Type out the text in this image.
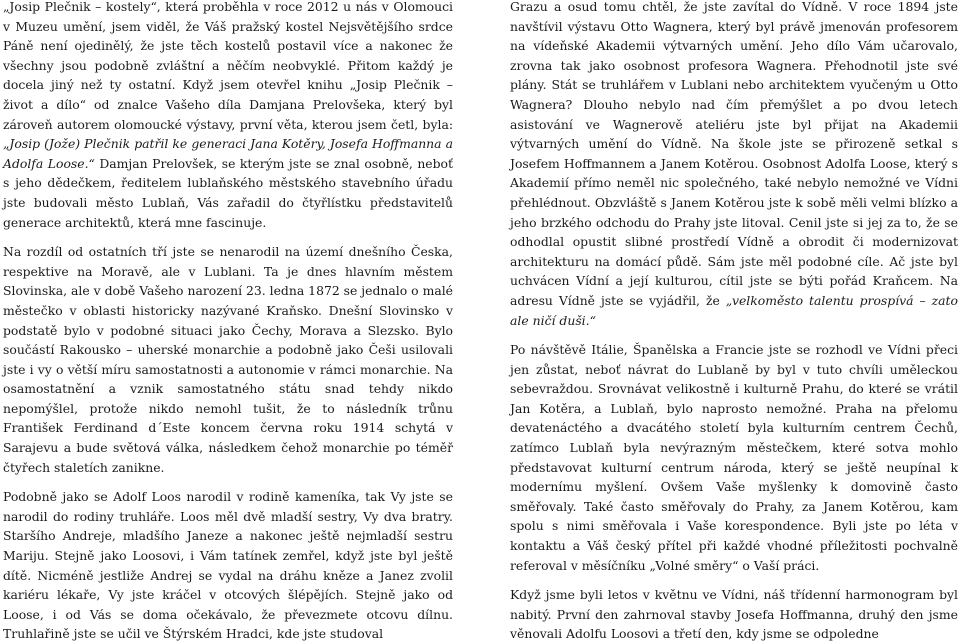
„Josip Plečnik – kostely“, která proběhla v roce 2012 u nás v Olomouci v Muzeu umění, jsem viděl, že Váš pražský kostel Nejsvětějšího srdce Páně není ojedinělý, že jste těch kostelů postavil více a nakonec že všechny jsou podobně zvláštní a něčím neobvyklé. Přitom každý je docela jiný než ty ostatní. Když jsem otevřel knihu „Josip Plečnik – život a dílo“ od znalce Vašeho díla Damjana Prelovšeka, který byl zároveň autorem olomoucké výstavy, první věta, kterou jsem četl, byla: „Josip (Jože) Plečnik patřil ke generaci Jana Kotěry, Josefa Hoffmanna a Adolfa Loose.“ Damjan Prelovšek, se kterým jste se znal osobně, neboť s jeho dědečkem, ředitelem lublaňského městského stavebního úřadu jste budovali město Lublaň, Vás zařadil do čtyřlístku představitelů generace architektů, která mne fascinuje.

Na rozdíl od ostatních tří jste se nenarodil na území dnešního Česka, respektive na Moravě, ale v Lublani. Ta je dnes hlavním městem Slovinska, ale v době Vašeho narození 23. ledna 1872 se jednalo o malé městečko v oblasti historicky nazývané Kraňsko. Dnešní Slovinsko v podstatě bylo v podobné situaci jako Čechy, Morava a Slezsko. Bylo součástí Rakousko – uherské monarchie a podobně jako Češi usilovali jste i vy o větší míru samostatnosti a autonomie v rámci monarchie. Na osamostatnění a vznik samostatného státu snad tehdy nikdo nepomýšlel, protože nikdo nemohl tušit, že to následník trůnu František Ferdinand d´Este koncem června roku 1914 schytá v Sarajevu a bude světová válka, následkem čehož monarchie po téměř čtyřech staletích zanikne.

Podobně jako se Adolf Loos narodil v rodině kameníka, tak Vy jste se narodil do rodiny truhláře. Loos měl dvě mladší sestry, Vy dva bratry. Staršího Andreje, mladšího Janeze a nakonec ještě nejmladší sestru Mariju. Stejně jako Loosovi, i Vám tatínek zemřel, když jste byl ještě dítě. Nicméně jestliže Andrej se vydal na dráhu kněze a Janez zvolil kariéru lékaře, Vy jste kráčel v otcových šlépějích. Stejně jako od Loose, i od Vás se doma očekávalo, že převezmete otcovu dílnu. Truhlařině jste se učil ve Štýrském Hradci, kde jste studoval

Grazu a osud tomu chtěl, že jste zavítal do Vídně. V roce 1894 jste navštívil výstavu Otto Wagnera, který byl právě jmenován profesorem na vídeňské Akademii výtvarných umění. Jeho dílo Vám učarovalo, zrovna tak jako osobnost profesora Wagnera. Přehodnotil jste své plány. Stát se truhlářem v Lublani nebo architektem vyučeným u Otto Wagnera? Dlouho nebylo nad čím přemýšlet a po dvou letech asistování ve Wagnerově ateliéru jste byl přijat na Akademii výtvarných umění do Vídně. Na škole jste se přirozeně setkal s Josefem Hoffmannem a Janem Kotěrou. Osobnost Adolfa Loose, který s Akademií přímo neměl nic společného, také nebylo nemožné ve Vídni přehlédnout. Obzvláště s Janem Kotěrou jste k sobě měli velmi blízko a jeho brzkého odchodu do Prahy jste litoval. Cenil jste si jej za to, že se odhodlal opustit slibné prostředí Vídně a obrodit či modernizovat architekturu na domácí půdě. Sám jste měl podobné cíle. Ač jste byl uchvácen Vídní a její kulturou, cítil jste se býti pořád Kraňcem. Na adresu Vídně jste se vyjádřil, že „velkoměsto talentu prospívá – zato ale ničí duši.“

Po návštěvě Itálie, Španělska a Francie jste se rozhodl ve Vídni přeci jen zůstat, neboť návrat do Lublaně by byl v tuto chvíli uměleckou sebevraždou. Srovnávat velikostně i kulturně Prahu, do které se vrátil Jan Kotěra, a Lublaň, bylo naprosto nemožné. Praha na přelomu devatenáctého a dvacátého století byla kulturním centrem Čechů, zatímco Lublaň byla nevýrazným městečkem, které sotva mohlo představovat kulturní centrum národa, který se ještě neupínal k modernímu myšlení. Ovšem Vaše myšlenky k domovině často směřovaly. Také často směřovaly do Prahy, za Janem Kotěrou, kam spolu s nimi směřovala i Vaše korespondence. Byli jste po léta v kontaktu a Váš český přítel při každé vhodné příležitosti pochvalně referoval v měsíčníku „Volné směry“ o Vaší práci.

Když jsme byli letos v květnu ve Vídni, náš třídenní harmonogram byl nabitý. První den zahrnoval stavby Josefa Hoffmanna, druhý den jsme věnovali Adolfu Loosovi a třetí den, kdy jsme se odpoledne
